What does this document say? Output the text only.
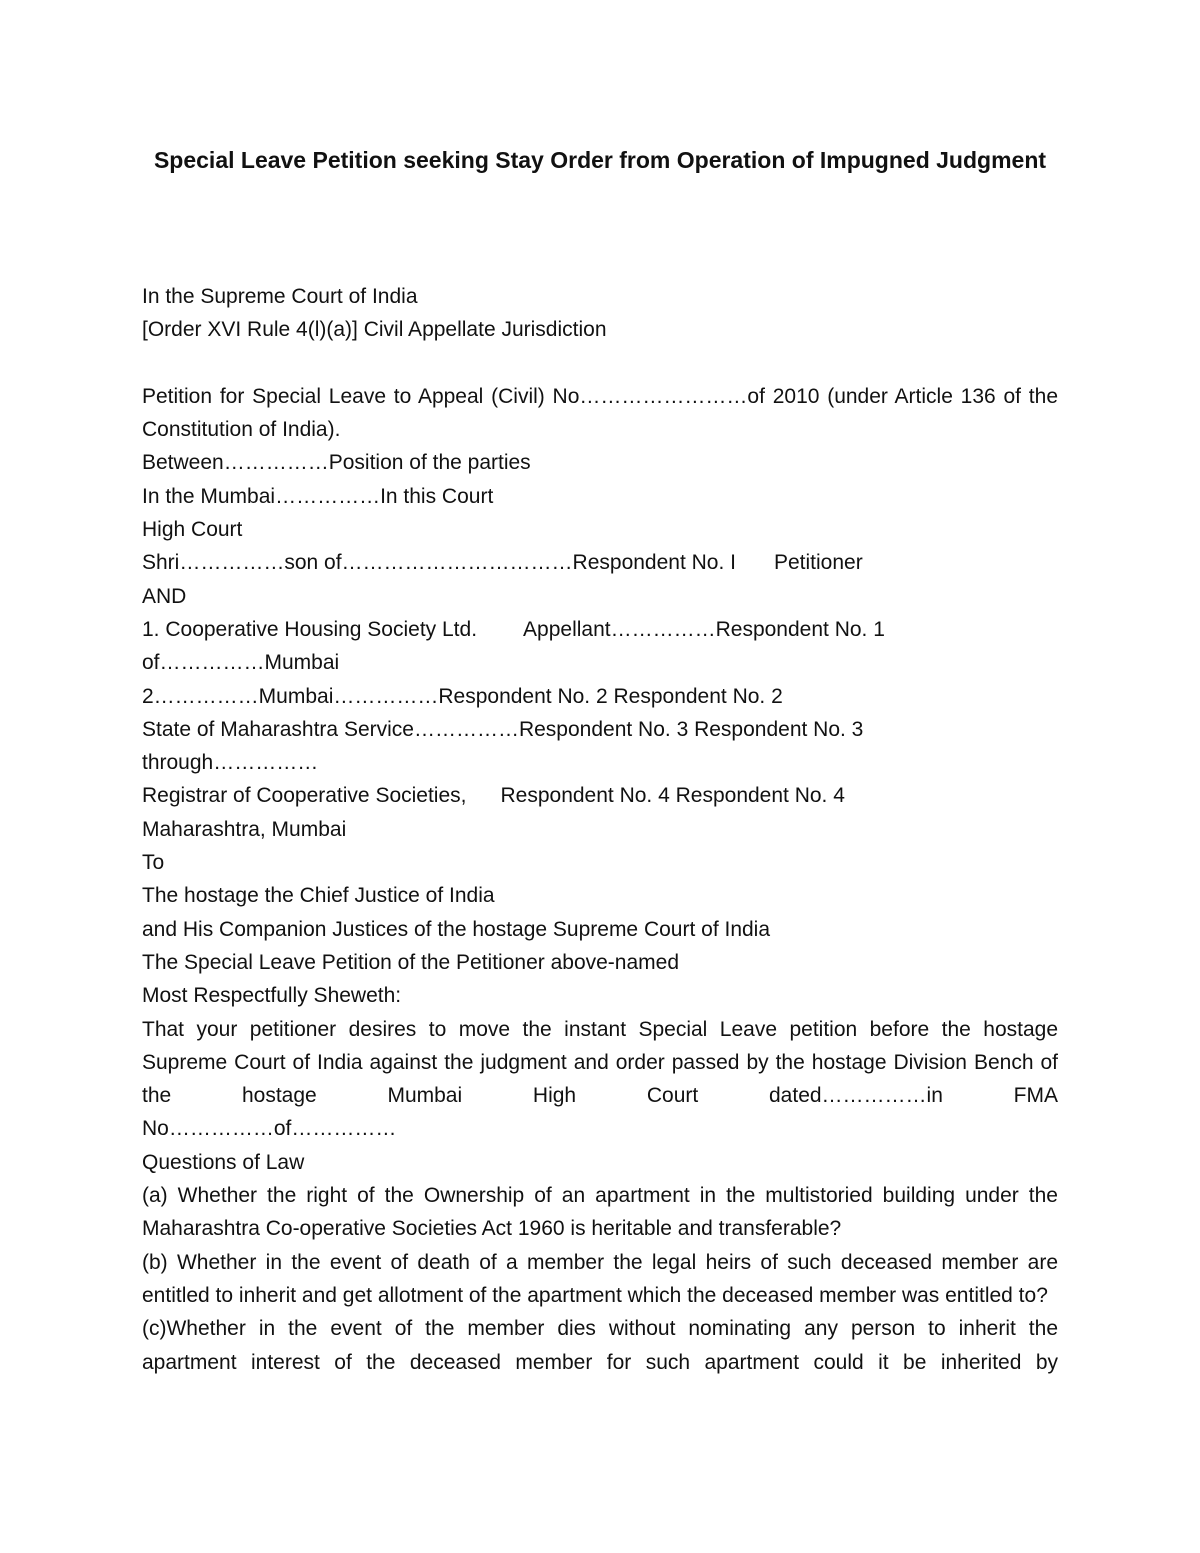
Special Leave Petition seeking Stay Order from Operation of Impugned Judgment
In the Supreme Court of India
[Order XVI Rule 4(l)(a)] Civil Appellate Jurisdiction
Petition for Special Leave to Appeal (Civil) No……………………of 2010 (under Article 136 of the Constitution of India).
Between……………Position of the parties
In the Mumbai……………In this Court
High Court
Shri……………son of……………………………Respondent No. I Petitioner
AND
1. Cooperative Housing Society Ltd. Appellant……………Respondent No. 1
of……………Mumbai
2……………Mumbai……………Respondent No. 2 Respondent No. 2
State of Maharashtra Service……………Respondent No. 3 Respondent No. 3
through……………
Registrar of Cooperative Societies, Respondent No. 4 Respondent No. 4
Maharashtra, Mumbai
To
The hostage the Chief Justice of India
and His Companion Justices of the hostage Supreme Court of India
The Special Leave Petition of the Petitioner above-named
Most Respectfully Sheweth:
That your petitioner desires to move the instant Special Leave petition before the hostage Supreme Court of India against the judgment and order passed by the hostage Division Bench of the hostage Mumbai High Court dated……………in FMA
No……………of……………
Questions of Law
(a) Whether the right of the Ownership of an apartment in the multistoried building under the Maharashtra Co-operative Societies Act 1960 is heritable and transferable?
(b) Whether in the event of death of a member the legal heirs of such deceased member are entitled to inherit and get allotment of the apartment which the deceased member was entitled to?
(c)Whether in the event of the member dies without nominating any person to inherit the apartment interest of the deceased member for such apartment could it be inherited by
